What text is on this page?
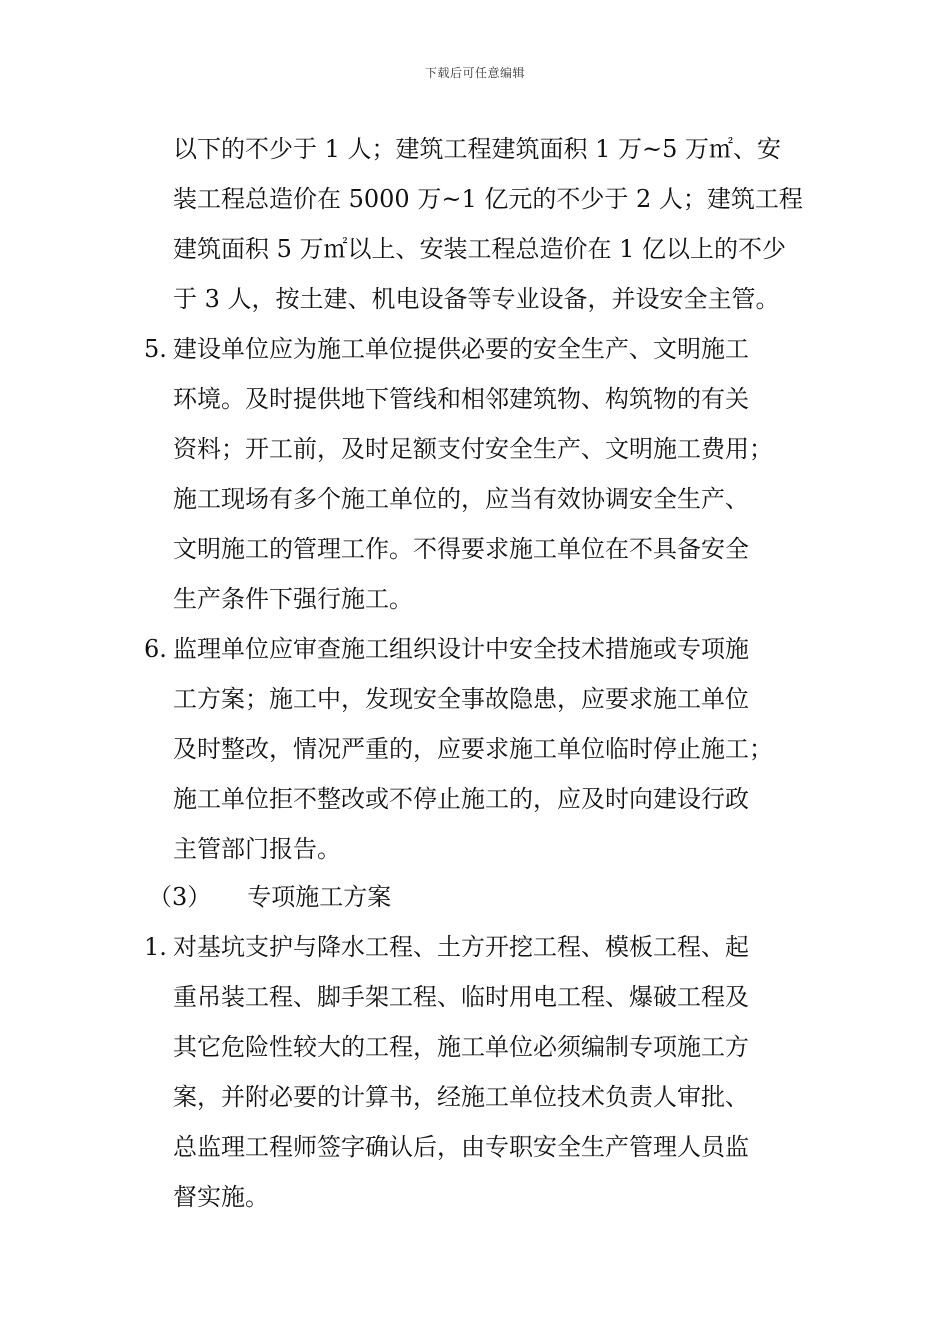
下载后可任意编辑
以下的不少于 1 人；建筑工程建筑面积 1 万~5 万㎡、安
装工程总造价在 5000 万~1 亿元的不少于 2 人；建筑工程
建筑面积 5 万㎡以上、安装工程总造价在 1 亿以上的不少
于 3 人，按土建、机电设备等专业设备，并设安全主管。
5. 建设单位应为施工单位提供必要的安全生产、文明施工
环境。及时提供地下管线和相邻建筑物、构筑物的有关
资料；开工前，及时足额支付安全生产、文明施工费用；
施工现场有多个施工单位的，应当有效协调安全生产、
文明施工的管理工作。不得要求施工单位在不具备安全
生产条件下强行施工。
6. 监理单位应审查施工组织设计中安全技术措施或专项施
工方案；施工中，发现安全事故隐患，应要求施工单位
及时整改，情况严重的，应要求施工单位临时停止施工；
施工单位拒不整改或不停止施工的，应及时向建设行政
主管部门报告。
（3） 专项施工方案
1. 对基坑支护与降水工程、土方开挖工程、模板工程、起
重吊装工程、脚手架工程、临时用电工程、爆破工程及
其它危险性较大的工程，施工单位必须编制专项施工方
案，并附必要的计算书，经施工单位技术负责人审批、
总监理工程师签字确认后，由专职安全生产管理人员监
督实施。
